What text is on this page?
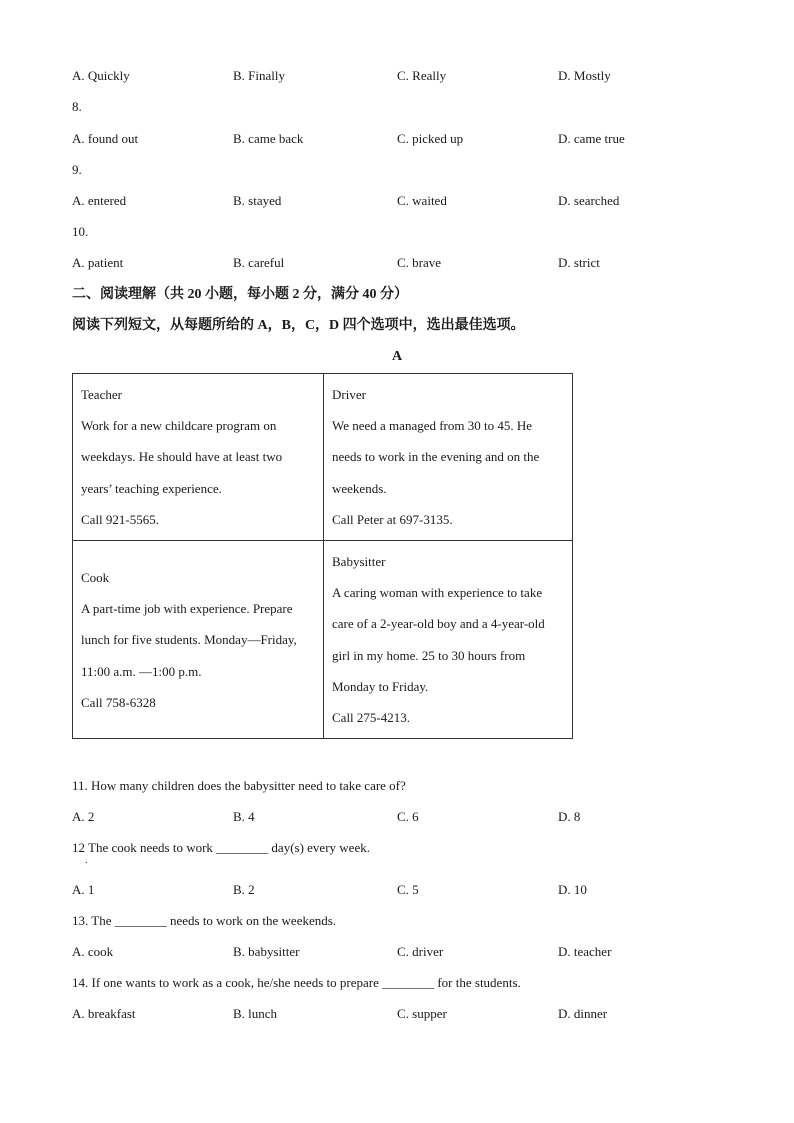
A. Quickly	B. Finally	C. Really	D. Mostly
8.
A. found out	B. came back	C. picked up	D. came true
9.
A. entered	B. stayed	C. waited	D. searched
10.
A. patient	B. careful	C. brave	D. strict
二、阅读理解（共 20 小题，每小题 2 分，满分 40 分）
阅读下列短文，从每题所给的 A，B，C，D 四个选项中，选出最佳选项。
A

Teacher

Work for a new childcare program on

weekdays. He should have at least two

years’ teaching experience.

Call 921-5565.

Driver

We need a managed from 30 to 45. He

needs to work in the evening and on the

weekends.

Call Peter at 697-3135.

Cook

A part-time job with experience. Prepare

lunch for five students. Monday—Friday,

11:00 a.m. —1:00 p.m.

Call 758-6328

Babysitter

A caring woman with experience to take

care of a 2-year-old boy and a 4-year-old

girl in my home. 25 to 30 hours from

Monday to Friday.

Call 275-4213.

11. How many children does the babysitter need to take care of?
A. 2	B. 4	C. 6	D. 8
12 The cook needs to work ________ day(s) every week.
.
A. 1	B. 2	C. 5	D. 10
13. The ________ needs to work on the weekends.
A. cook	B. babysitter	C. driver	D. teacher
14. If one wants to work as a cook, he/she needs to prepare ________ for the students.
A. breakfast	B. lunch	C. supper	D. dinner
